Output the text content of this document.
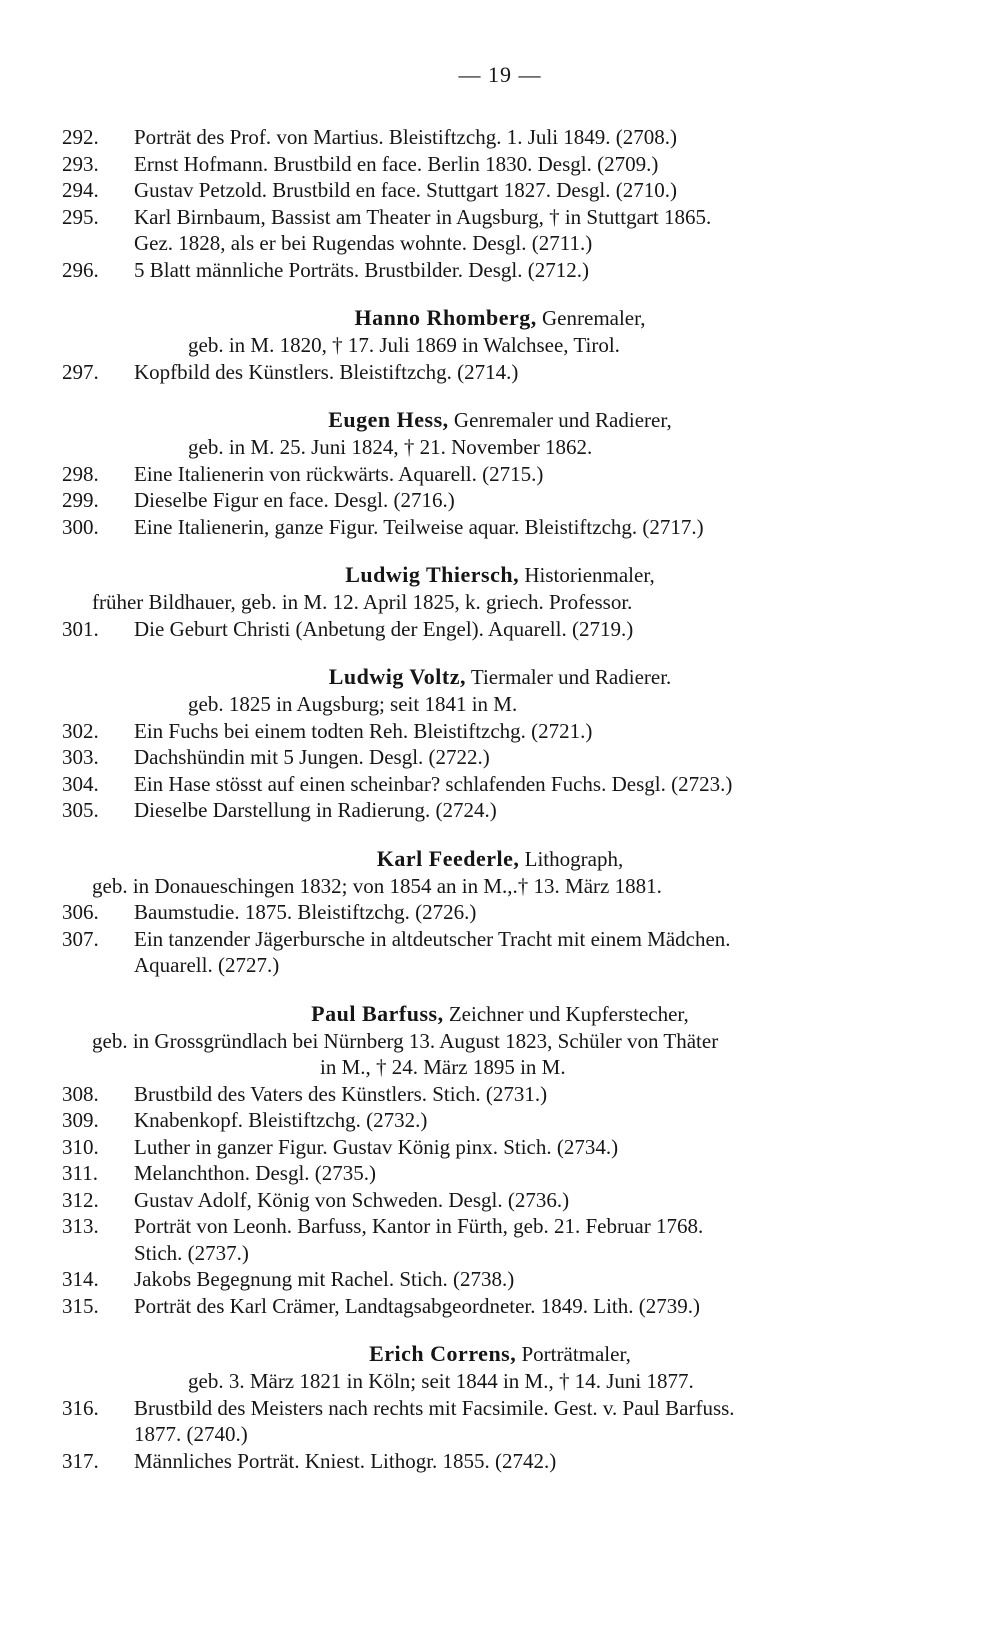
— 19 —
292.	Porträt des Prof. von Martius. Bleistiftzchg. 1. Juli 1849. (2708.)
293.	Ernst Hofmann. Brustbild en face. Berlin 1830. Desgl. (2709.)
294.	Gustav Petzold. Brustbild en face. Stuttgart 1827. Desgl. (2710.)
295.	Karl Birnbaum, Bassist am Theater in Augsburg, † in Stuttgart 1865.
Gez. 1828, als er bei Rugendas wohnte. Desgl. (2711.)
296.	5 Blatt männliche Porträts. Brustbilder. Desgl. (2712.)
Hanno Rhomberg, Genremaler,
geb. in M. 1820, † 17. Juli 1869 in Walchsee, Tirol.
297.	Kopfbild des Künstlers. Bleistiftzchg. (2714.)
Eugen Hess, Genremaler und Radierer,
geb. in M. 25. Juni 1824, † 21. November 1862.
298.	Eine Italienerin von rückwärts. Aquarell. (2715.)
299.	Dieselbe Figur en face. Desgl. (2716.)
300.	Eine Italienerin, ganze Figur. Teilweise aquar. Bleistiftzchg. (2717.)
Ludwig Thiersch, Historienmaler,
früher Bildhauer, geb. in M. 12. April 1825, k. griech. Professor.
301.	Die Geburt Christi (Anbetung der Engel). Aquarell. (2719.)
Ludwig Voltz, Tiermaler und Radierer.
geb. 1825 in Augsburg; seit 1841 in M.
302.	Ein Fuchs bei einem todten Reh. Bleistiftzchg. (2721.)
303.	Dachshündin mit 5 Jungen. Desgl. (2722.)
304.	Ein Hase stösst auf einen scheinbar? schlafenden Fuchs. Desgl. (2723.)
305.	Dieselbe Darstellung in Radierung. (2724.)
Karl Feederle, Lithograph,
geb. in Donaueschingen 1832; von 1854 an in M.,.† 13. März 1881.
306.	Baumstudie. 1875. Bleistiftzchg. (2726.)
307.	Ein tanzender Jägerbursche in altdeutscher Tracht mit einem Mädchen.
Aquarell. (2727.)
Paul Barfuss, Zeichner und Kupferstecher,
geb. in Grossgründlach bei Nürnberg 13. August 1823, Schüler von Thäter
in M., † 24. März 1895 in M.
308.	Brustbild des Vaters des Künstlers. Stich. (2731.)
309.	Knabenkopf. Bleistiftzchg. (2732.)
310.	Luther in ganzer Figur. Gustav König pinx. Stich. (2734.)
311.	Melanchthon. Desgl. (2735.)
312.	Gustav Adolf, König von Schweden. Desgl. (2736.)
313.	Porträt von Leonh. Barfuss, Kantor in Fürth, geb. 21. Februar 1768.
Stich. (2737.)
314.	Jakobs Begegnung mit Rachel. Stich. (2738.)
315.	Porträt des Karl Crämer, Landtagsabgeordneter. 1849. Lith. (2739.)
Erich Correns, Porträtmaler,
geb. 3. März 1821 in Köln; seit 1844 in M., † 14. Juni 1877.
316.	Brustbild des Meisters nach rechts mit Facsimile. Gest. v. Paul Barfuss.
1877. (2740.)
317.	Männliches Porträt. Kniest. Lithogr. 1855. (2742.)
